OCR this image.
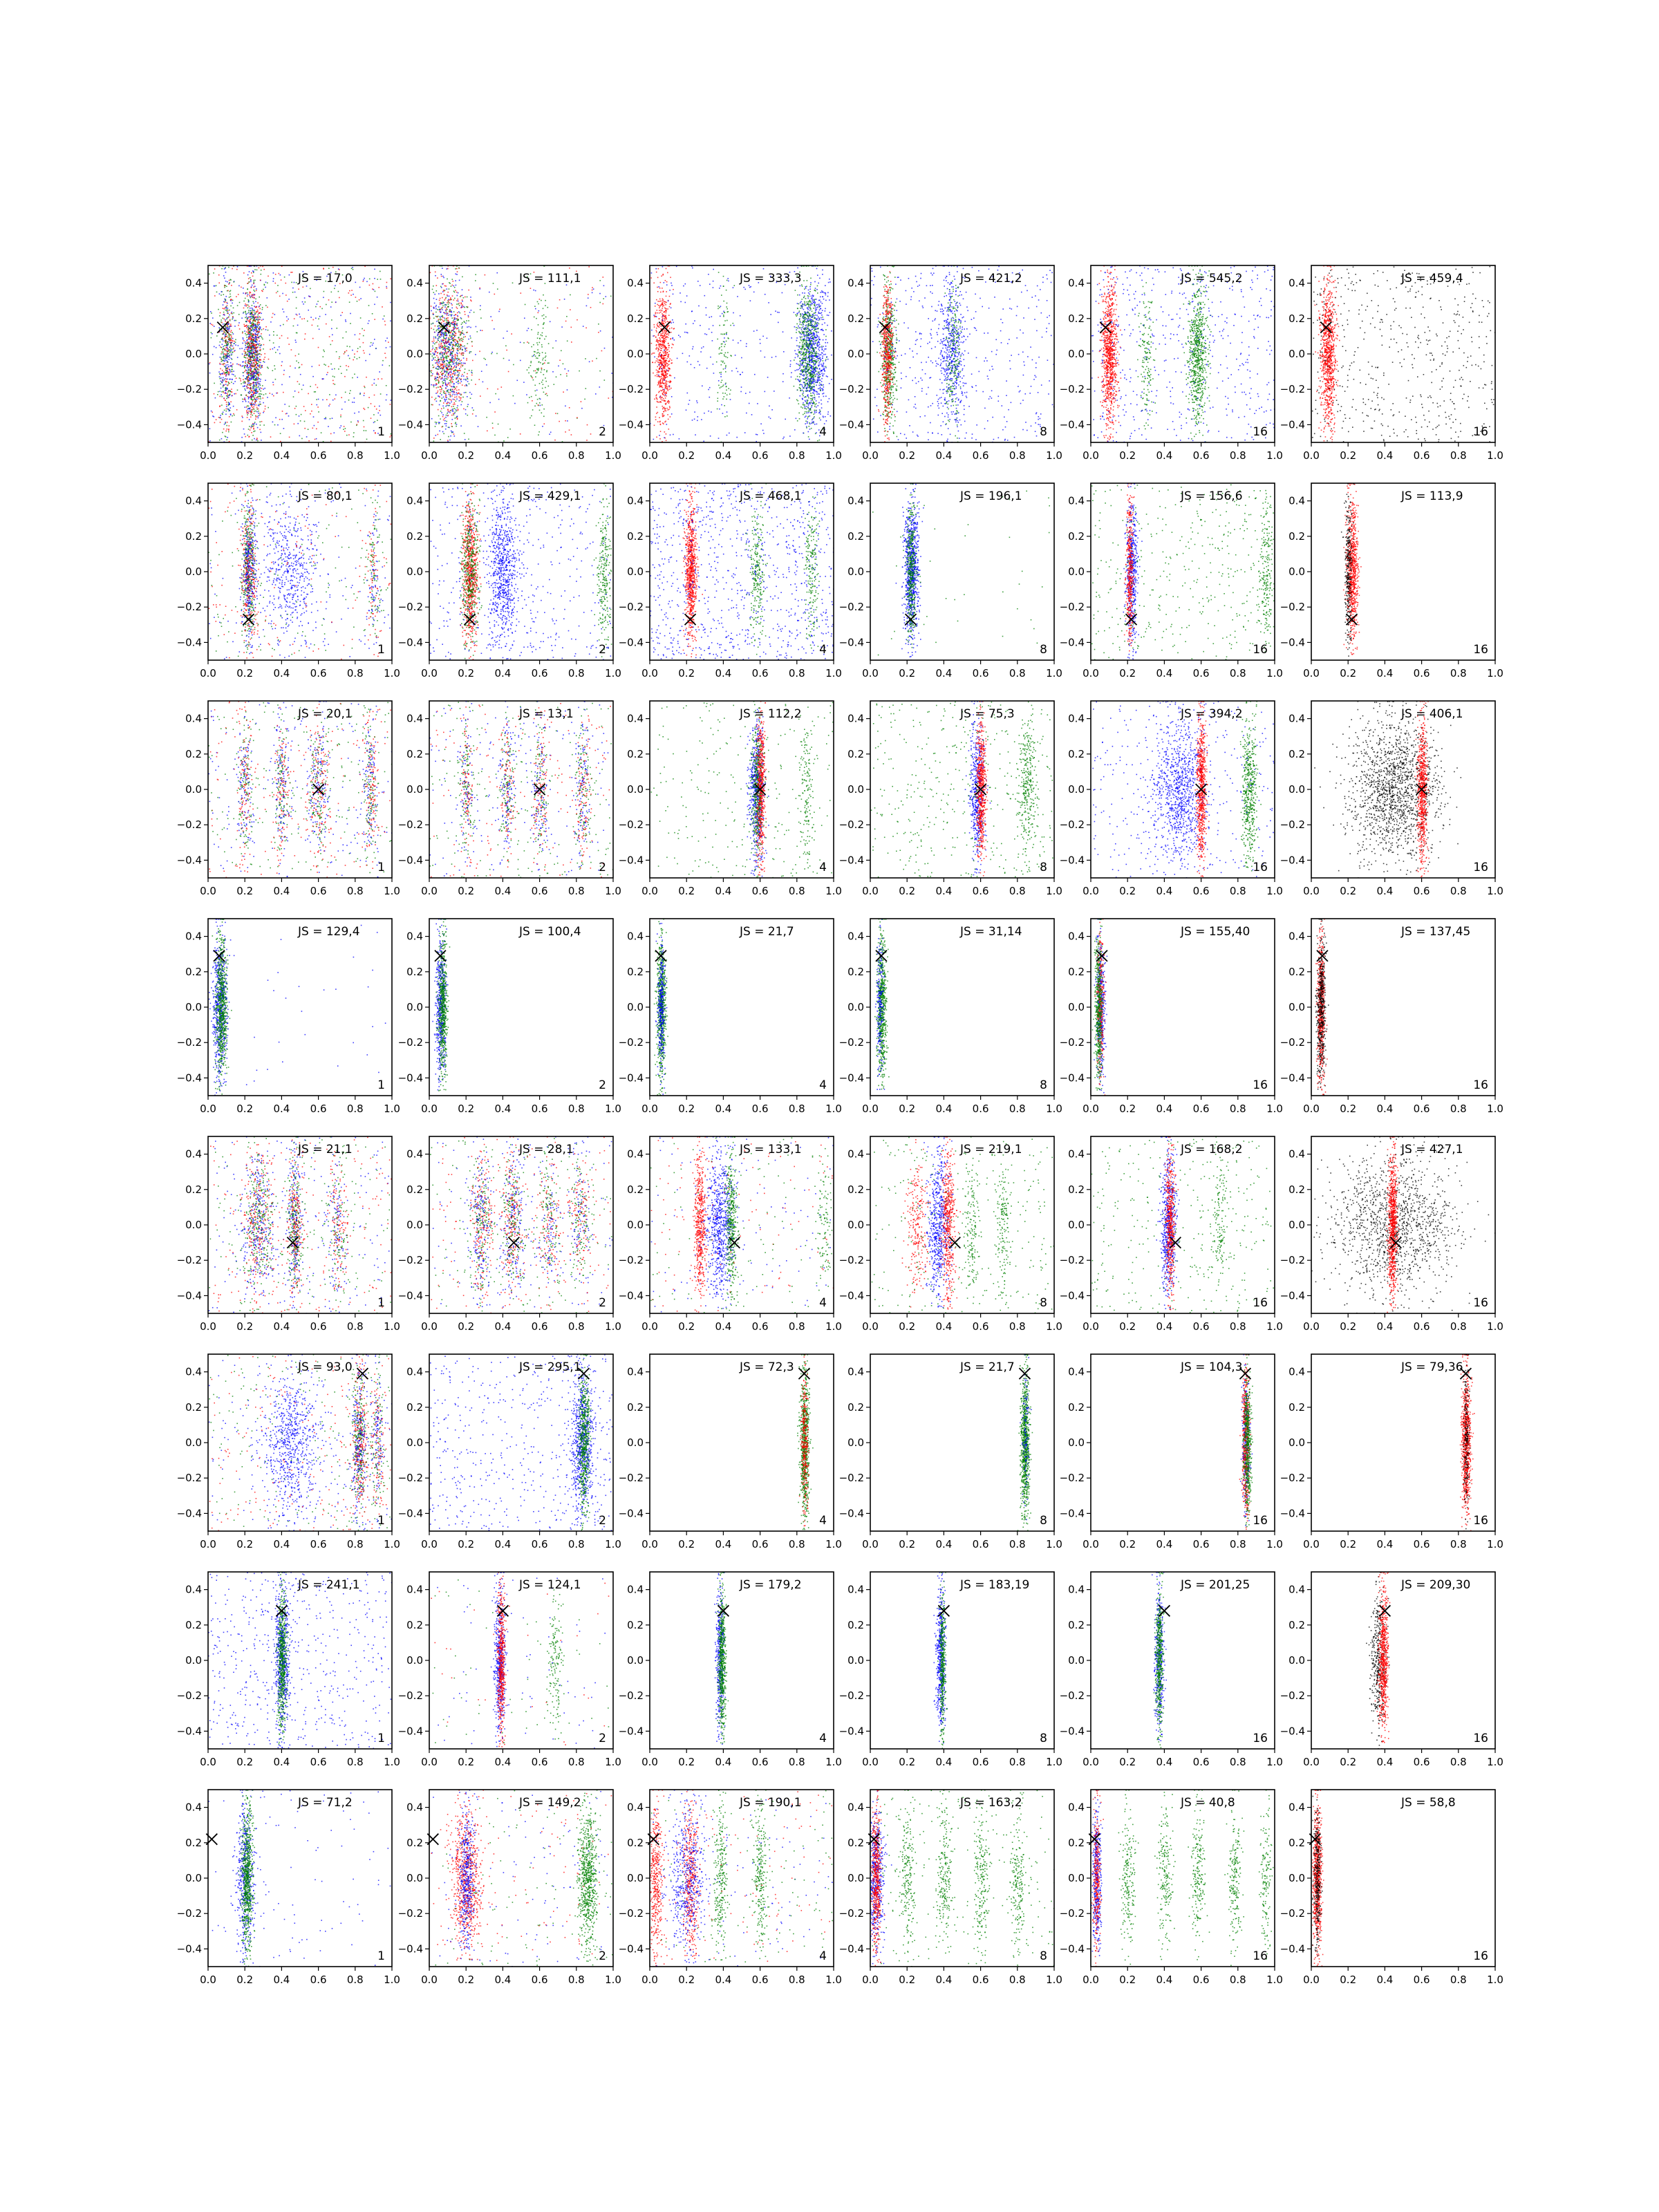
0.0 0.2 0.4 0.6 0.8 1.0
0.4
0.2
0.0
−0.2
−0.4
JS = 17,0
1
0.0 0.2 0.4 0.6 0.8 1.0
0.4
0.2
0.0
−0.2
−0.4
JS = 111,1
2
0.0 0.2 0.4 0.6 0.8 1.0
0.4
0.2
0.0
−0.2
−0.4
JS = 333,3
4
0.0 0.2 0.4 0.6 0.8 1.0
0.4
0.2
0.0
−0.2
−0.4
JS = 421,2
8
0.0 0.2 0.4 0.6 0.8 1.0
0.4
0.2
0.0
−0.2
−0.4
JS = 545,2
16
0.0 0.2 0.4 0.6 0.8 1.0
0.4
0.2
0.0
−0.2
−0.4
JS = 459,4
16
0.0 0.2 0.4 0.6 0.8 1.0
0.4
0.2
0.0
−0.2
−0.4
JS = 80,1
1
0.0 0.2 0.4 0.6 0.8 1.0
0.4
0.2
0.0
−0.2
−0.4
JS = 429,1
2
0.0 0.2 0.4 0.6 0.8 1.0
0.4
0.2
0.0
−0.2
−0.4
JS = 468,1
4
0.0 0.2 0.4 0.6 0.8 1.0
0.4
0.2
0.0
−0.2
−0.4
JS = 196,1
8
0.0 0.2 0.4 0.6 0.8 1.0
0.4
0.2
0.0
−0.2
−0.4
JS = 156,6
16
0.0 0.2 0.4 0.6 0.8 1.0
0.4
0.2
0.0
−0.2
−0.4
JS = 113,9
16
0.0 0.2 0.4 0.6 0.8 1.0
0.4
0.2
0.0
−0.2
−0.4
JS = 20,1
1
0.0 0.2 0.4 0.6 0.8 1.0
0.4
0.2
0.0
−0.2
−0.4
JS = 13,1
2
0.0 0.2 0.4 0.6 0.8 1.0
0.4
0.2
0.0
−0.2
−0.4
JS = 112,2
4
0.0 0.2 0.4 0.6 0.8 1.0
0.4
0.2
0.0
−0.2
−0.4
JS = 75,3
8
0.0 0.2 0.4 0.6 0.8 1.0
0.4
0.2
0.0
−0.2
−0.4
JS = 394,2
16
0.0 0.2 0.4 0.6 0.8 1.0
0.4
0.2
0.0
−0.2
−0.4
JS = 406,1
16
0.0 0.2 0.4 0.6 0.8 1.0
0.4
0.2
0.0
−0.2
−0.4
JS = 129,4
1
0.0 0.2 0.4 0.6 0.8 1.0
0.4
0.2
0.0
−0.2
−0.4
JS = 100,4
2
0.0 0.2 0.4 0.6 0.8 1.0
0.4
0.2
0.0
−0.2
−0.4
JS = 21,7
4
0.0 0.2 0.4 0.6 0.8 1.0
0.4
0.2
0.0
−0.2
−0.4
JS = 31,14
8
0.0 0.2 0.4 0.6 0.8 1.0
0.4
0.2
0.0
−0.2
−0.4
JS = 155,40
16
0.0 0.2 0.4 0.6 0.8 1.0
0.4
0.2
0.0
−0.2
−0.4
JS = 137,45
16
0.0 0.2 0.4 0.6 0.8 1.0
0.4
0.2
0.0
−0.2
−0.4
JS = 21,1
1
0.0 0.2 0.4 0.6 0.8 1.0
0.4
0.2
0.0
−0.2
−0.4
JS = 28,1
2
0.0 0.2 0.4 0.6 0.8 1.0
0.4
0.2
0.0
−0.2
−0.4
JS = 133,1
4
0.0 0.2 0.4 0.6 0.8 1.0
0.4
0.2
0.0
−0.2
−0.4
JS = 219,1
8
0.0 0.2 0.4 0.6 0.8 1.0
0.4
0.2
0.0
−0.2
−0.4
JS = 168,2
16
0.0 0.2 0.4 0.6 0.8 1.0
0.4
0.2
0.0
−0.2
−0.4
JS = 427,1
16
0.0 0.2 0.4 0.6 0.8 1.0
0.4
0.2
0.0
−0.2
−0.4
JS = 93,0
1
0.0 0.2 0.4 0.6 0.8 1.0
0.4
0.2
0.0
−0.2
−0.4
JS = 295,1
2
0.0 0.2 0.4 0.6 0.8 1.0
0.4
0.2
0.0
−0.2
−0.4
JS = 72,3
4
0.0 0.2 0.4 0.6 0.8 1.0
0.4
0.2
0.0
−0.2
−0.4
JS = 21,7
8
0.0 0.2 0.4 0.6 0.8 1.0
0.4
0.2
0.0
−0.2
−0.4
JS = 104,3
16
0.0 0.2 0.4 0.6 0.8 1.0
0.4
0.2
0.0
−0.2
−0.4
JS = 79,36
16
0.0 0.2 0.4 0.6 0.8 1.0
0.4
0.2
0.0
−0.2
−0.4
JS = 241,1
1
0.0 0.2 0.4 0.6 0.8 1.0
0.4
0.2
0.0
−0.2
−0.4
JS = 124,1
2
0.0 0.2 0.4 0.6 0.8 1.0
0.4
0.2
0.0
−0.2
−0.4
JS = 179,2
4
0.0 0.2 0.4 0.6 0.8 1.0
0.4
0.2
0.0
−0.2
−0.4
JS = 183,19
8
0.0 0.2 0.4 0.6 0.8 1.0
0.4
0.2
0.0
−0.2
−0.4
JS = 201,25
16
0.0 0.2 0.4 0.6 0.8 1.0
0.4
0.2
0.0
−0.2
−0.4
JS = 209,30
16
0.0 0.2 0.4 0.6 0.8 1.0
0.4
0.2
0.0
−0.2
−0.4
JS = 71,2
1
0.0 0.2 0.4 0.6 0.8 1.0
0.4
0.2
0.0
−0.2
−0.4
JS = 149,2
2
0.0 0.2 0.4 0.6 0.8 1.0
0.4
0.2
0.0
−0.2
−0.4
JS = 190,1
4
0.0 0.2 0.4 0.6 0.8 1.0
0.4
0.2
0.0
−0.2
−0.4
JS = 163,2
8
0.0 0.2 0.4 0.6 0.8 1.0
0.4
0.2
0.0
−0.2
−0.4
JS = 40,8
16
0.0 0.2 0.4 0.6 0.8 1.0
0.4
0.2
0.0
−0.2
−0.4
JS = 58,8
16
